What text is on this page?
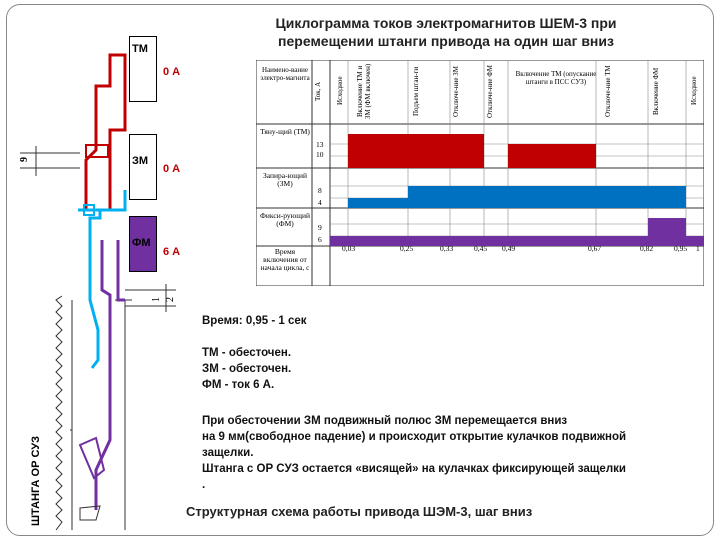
Циклограмма токов электромагнитов ШЕМ-3 при
перемещении штанги привода на один шаг вниз
9
1 2
ТМ
0 А
ЗМ
0 А
ФМ
6 А
Наимено-вание электро-магнита
Ток, А Исходное Включение ТМ и ЗМ (ФМ включен)	Подъем штан-ги	Отключе-ние ЗМ	Отключе-ние ФМ	Включение ТМ (опускание штанги в ПСС СУЗ)	Отключе-ние ТМ	Включение ФМ	Исходное
Тяну-щий (ТМ)
13
10
Запира-ющий (ЗМ)
8
4
Фикси-рующий (ФМ)	9
6
Время включения от начала цикла, с
0,03	0,25	0,33	0,45 0,49	0,67	0,82	0,95 1
Время: 0,95 - 1 сек
ТМ - обесточен.
ЗМ - обесточен.
ФМ - ток 6 А.
При обесточении ЗМ подвижный полюс ЗМ перемещается вниз
на 9 мм(свободное падение) и происходит открытие кулачков подвижной
защелки.
Штанга с ОР СУЗ остается «висящей» на кулачках фиксирующей защелки
.
Структурная схема работы привода ШЭМ-3, шаг вниз
ШТАНГА ОР СУЗ
